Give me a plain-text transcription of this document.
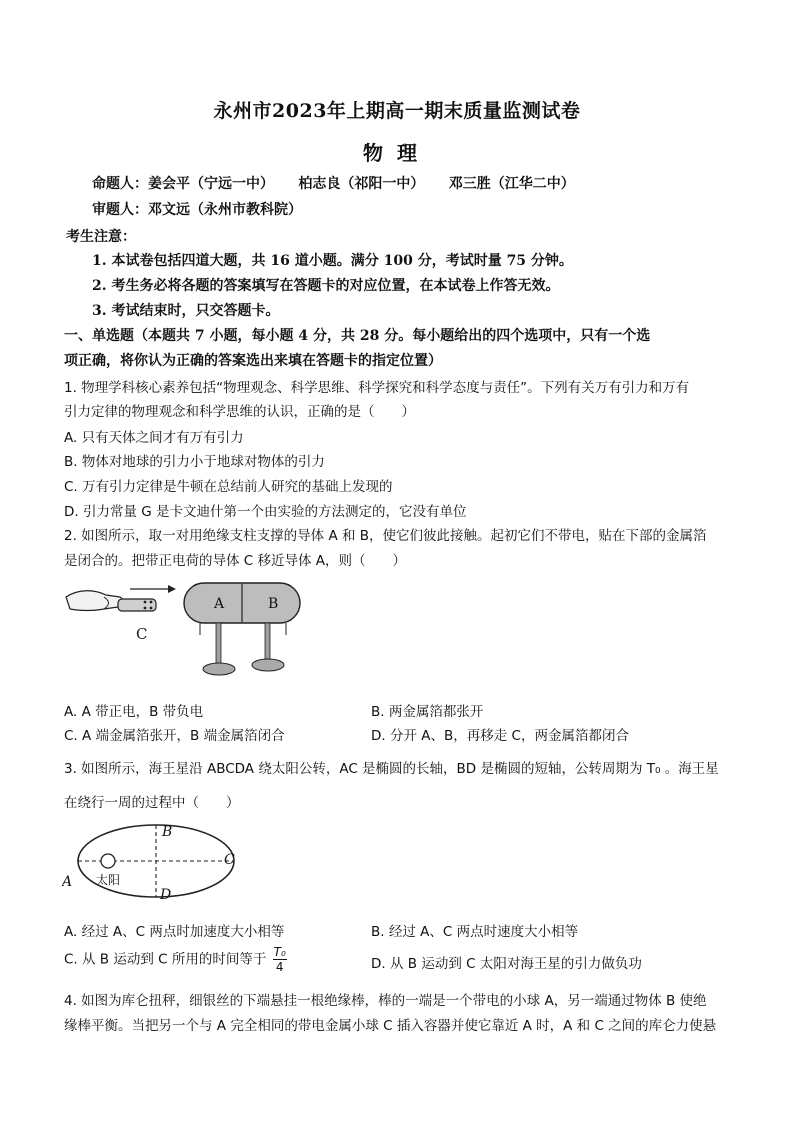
永州市2023年上期高一期末质量监测试卷
物理
命题人：姜会平（宁远一中）     柏志良（祁阳一中）     邓三胜（江华二中）
审题人：邓文远（永州市教科院）
考生注意：
1. 本试卷包括四道大题，共 16 道小题。满分 100 分，考试时量 75 分钟。
2. 考生务必将各题的答案填写在答题卡的对应位置，在本试卷上作答无效。
3. 考试结束时，只交答题卡。
一、单选题（本题共 7 小题，每小题 4 分，共 28 分。每小题给出的四个选项中，只有一个选
项正确，将你认为正确的答案选出来填在答题卡的指定位置）
1. 物理学科核心素养包括“物理观念、科学思维、科学探究和科学态度与责任”。下列有关万有引力和万有
引力定律的物理观念和科学思维的认识，正确的是（　　）
A. 只有天体之间才有万有引力
B. 物体对地球的引力小于地球对物体的引力
C. 万有引力定律是牛顿在总结前人研究的基础上发现的
D. 引力常量 G 是卡文迪什第一个由实验的方法测定的，它没有单位
2. 如图所示，取一对用绝缘支柱支撑的导体 A 和 B，使它们彼此接触。起初它们不带电，贴在下部的金属箔
是闭合的。把带正电荷的导体 C 移近导体 A，则（　　）
C
A	B
A. A 带正电，B 带负电	B. 两金属箔都张开
C. A 端金属箔张开，B 端金属箔闭合	D. 分开 A、B，再移走 C，两金属箔都闭合
3. 如图所示，海王星沿 ABCDA 绕太阳公转，AC 是椭圆的长轴，BD 是椭圆的短轴，公转周期为 T₀ 。海王星
在绕行一周的过程中（　　）
B
C
A
D
太阳
A. 经过 A、C 两点时加速度大小相等	B. 经过 A、C 两点时速度大小相等
C. 从 B 运动到 C 所用的时间等于 $\frac{\text{T₀}}{4}$	D. 从 B 运动到 C 太阳对海王星的引力做负功
4. 如图为库仑扭秤，细银丝的下端悬挂一根绝缘棒，棒的一端是一个带电的小球 A，另一端通过物体 B 使绝
缘棒平衡。当把另一个与 A 完全相同的带电金属小球 C 插入容器并使它靠近 A 时，A 和 C 之间的库仑力使悬
